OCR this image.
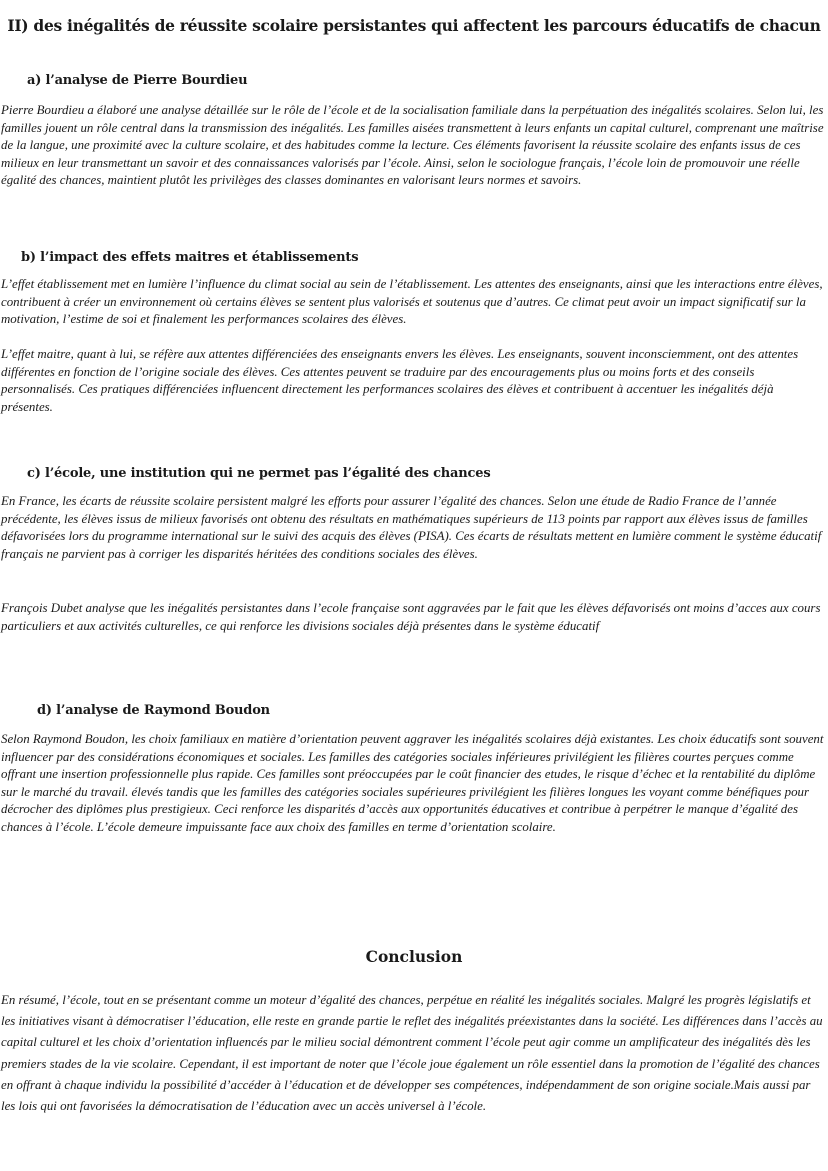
II) des inégalités de réussite scolaire persistantes qui affectent les parcours éducatifs de chacun
a) l’analyse de Pierre Bourdieu

Pierre Bourdieu a élaboré une analyse détaillée sur le rôle de l’école et de la socialisation familiale dans la perpétuation des inégalités scolaires. Selon lui, les familles jouent un rôle central dans la transmission des inégalités. Les familles aisées transmettent à leurs enfants un capital culturel, comprenant une maîtrise de la langue, une proximité avec la culture scolaire, et des habitudes comme la lecture. Ces éléments favorisent la réussite scolaire des enfants issus de ces milieux en leur transmettant un savoir et des connaissances valorisés par l’école. Ainsi, selon le sociologue français, l’école loin de promouvoir une réelle égalité des chances, maintient plutôt les privilèges des classes dominantes en valorisant leurs normes et savoirs.

b) l’impact des effets maitres et établissements

L’effet établissement met en lumière l’influence du climat social au sein de l’établissement. Les attentes des enseignants, ainsi que les interactions entre élèves, contribuent à créer un environnement où certains élèves se sentent plus valorisés et soutenus que d’autres. Ce climat peut avoir un impact significatif sur la motivation, l’estime de soi et finalement les performances scolaires des élèves.

L’effet maitre, quant à lui, se réfère aux attentes différenciées des enseignants envers les élèves. Les enseignants, souvent inconsciemment, ont des attentes différentes en fonction de l’origine sociale des élèves. Ces attentes peuvent se traduire par des encouragements plus ou moins forts et des conseils personnalisés. Ces pratiques différenciées influencent directement les performances scolaires des élèves et contribuent à accentuer les inégalités déjà présentes.

c) l’école, une institution qui ne permet pas l’égalité des chances

En France, les écarts de réussite scolaire persistent malgré les efforts pour assurer l’égalité des chances. Selon une étude de Radio France de l’année précédente, les élèves issus de milieux favorisés ont obtenu des résultats en mathématiques supérieurs de 113 points par rapport aux élèves issus de familles défavorisées lors du programme international sur le suivi des acquis des élèves (PISA). Ces écarts de résultats mettent en lumière comment le système éducatif français ne parvient pas à corriger les disparités héritées des conditions sociales des élèves.

François Dubet analyse que les inégalités persistantes dans l’ecole française sont aggravées par le fait que les élèves défavorisés ont moins d’acces aux cours particuliers et aux activités culturelles, ce qui renforce les divisions sociales déjà présentes dans le système éducatif

d) l’analyse de Raymond Boudon

Selon Raymond Boudon, les choix familiaux en matière d’orientation peuvent aggraver les inégalités scolaires déjà existantes. Les choix éducatifs sont souvent influencer par des considérations économiques et sociales. Les familles des catégories sociales inférieures privilégient les filières courtes perçues comme offrant une insertion professionnelle plus rapide. Ces familles sont préoccupées par le coût financier des etudes, le risque d’échec et la rentabilité du diplôme sur le marché du travail. élevés tandis que les familles des catégories sociales supérieures privilégient les filières longues les voyant comme bénéfiques pour décrocher des diplômes plus prestigieux. Ceci renforce les disparités d’accès aux opportunités éducatives et contribue à perpétrer le manque d’égalité des chances à l’école. L’école demeure impuissante face aux choix des familles en terme d’orientation scolaire.

Conclusion

En résumé, l’école, tout en se présentant comme un moteur d’égalité des chances, perpétue en réalité les inégalités sociales. Malgré les progrès législatifs et les initiatives visant à démocratiser l’éducation, elle reste en grande partie le reflet des inégalités préexistantes dans la société. Les différences dans l’accès au capital culturel et les choix d’orientation influencés par le milieu social démontrent comment l’école peut agir comme un amplificateur des inégalités dès les premiers stades de la vie scolaire. Cependant, il est important de noter que l’école joue également un rôle essentiel dans la promotion de l’égalité des chances en offrant à chaque individu la possibilité d’accéder à l’éducation et de développer ses compétences, indépendamment de son origine sociale.Mais aussi par les lois qui ont favorisées la démocratisation de l’éducation avec un accès universel à l’école.
